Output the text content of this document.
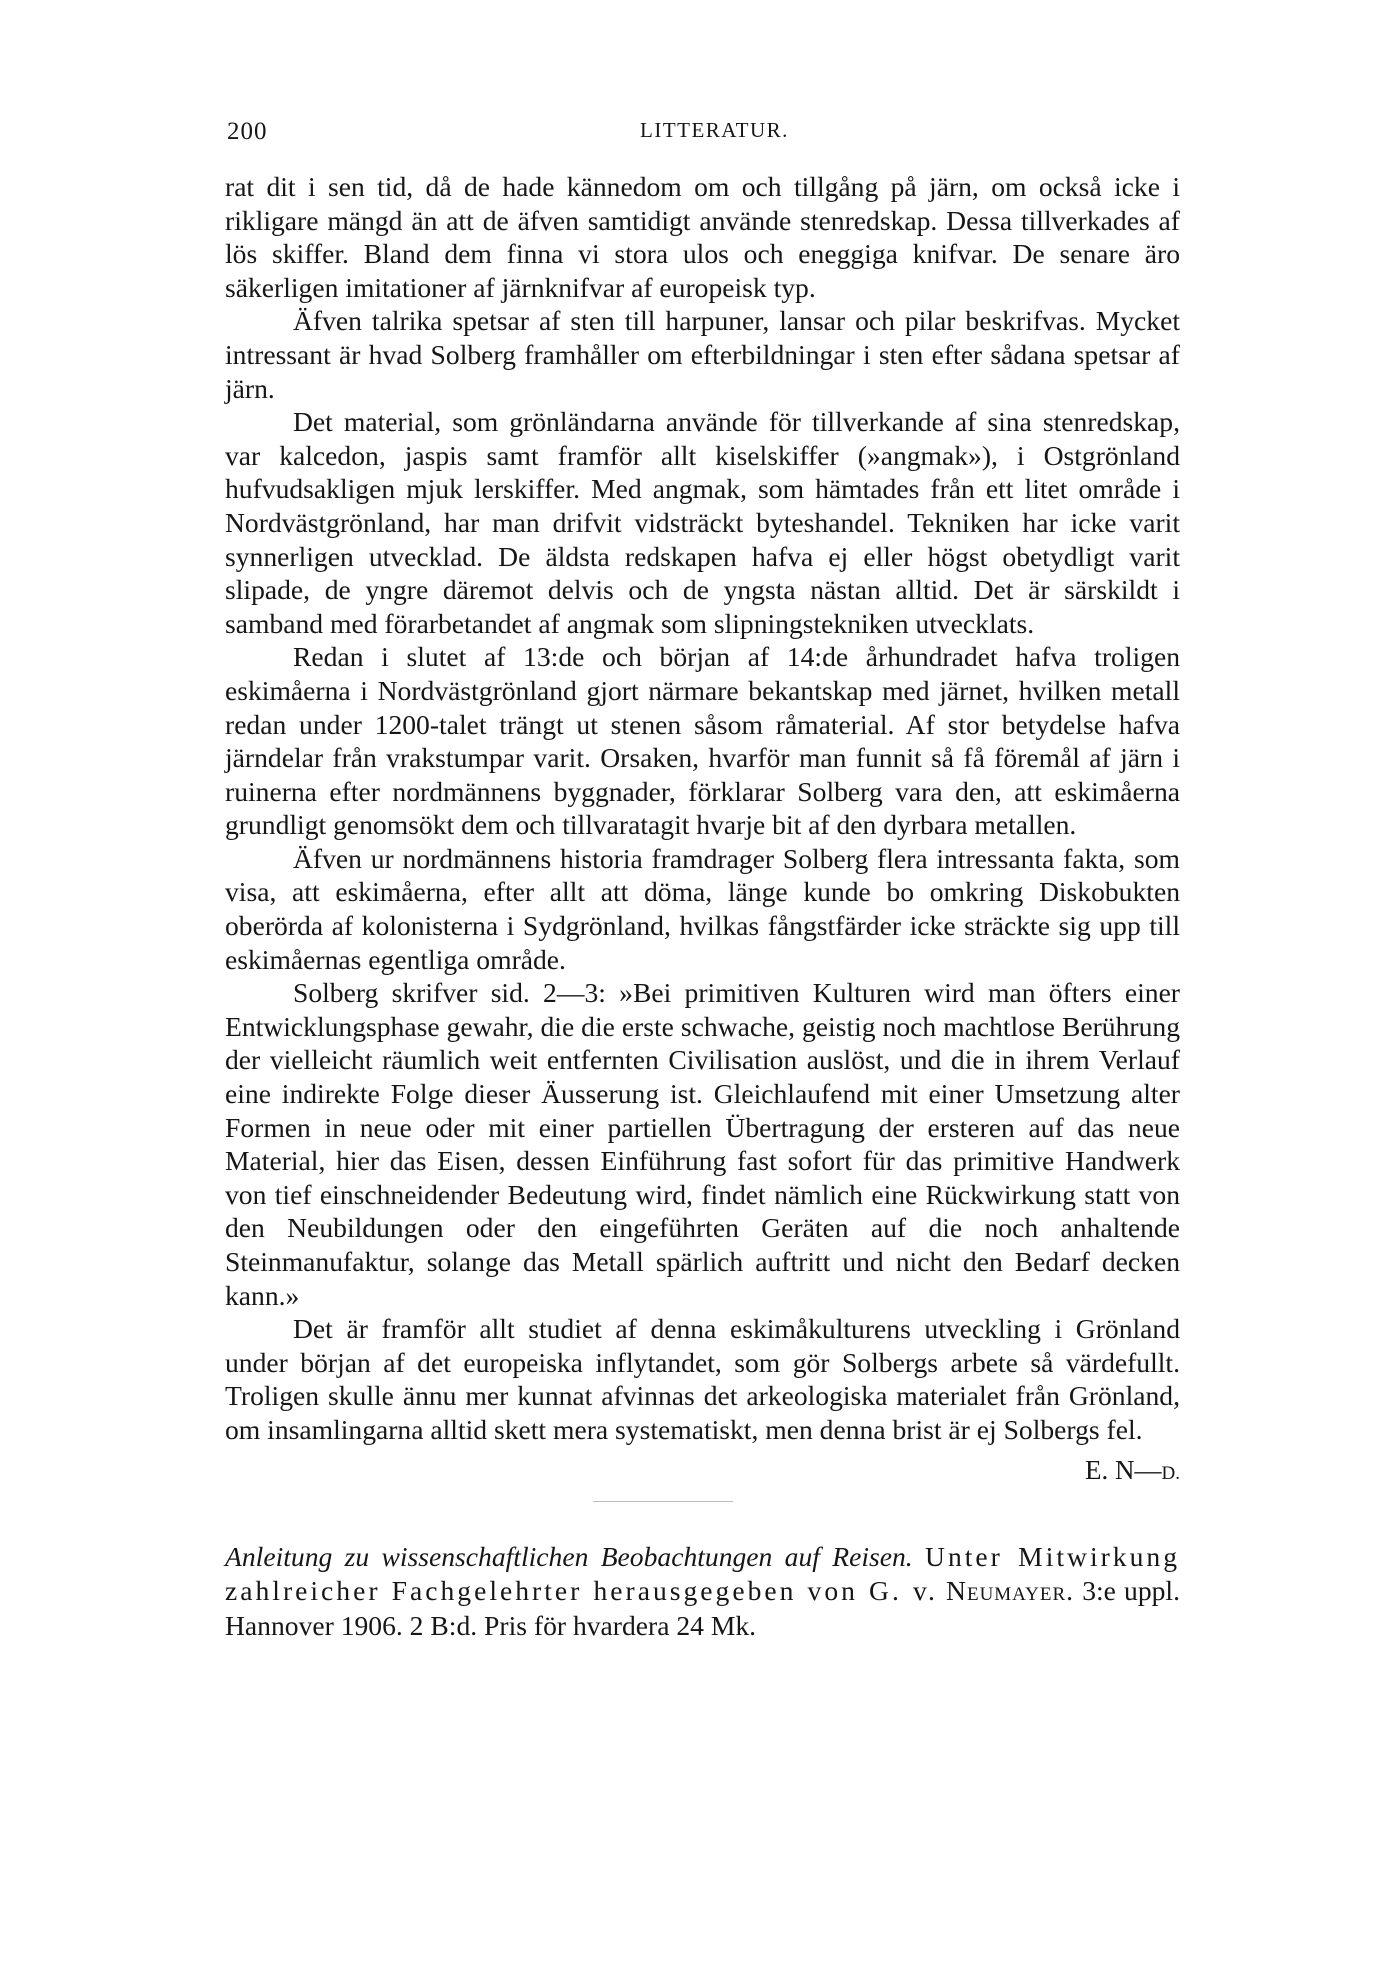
200	LITTERATUR.

rat dit i sen tid, då de hade kännedom om och tillgång på järn, om också icke i rikligare mängd än att de äfven samtidigt använde stenredskap. Dessa tillverkades af lös skiffer. Bland dem finna vi stora ulos och eneggiga knifvar. De senare äro säkerligen imitationer af järnknifvar af europeisk typ.

Äfven talrika spetsar af sten till harpuner, lansar och pilar beskrifvas. Mycket intressant är hvad Solberg framhåller om efterbildningar i sten efter sådana spetsar af järn.

Det material, som grönländarna använde för tillverkande af sina stenredskap, var kalcedon, jaspis samt framför allt kiselskiffer (»angmak»), i Ostgrönland hufvudsakligen mjuk lerskiffer. Med angmak, som hämtades från ett litet område i Nordvästgrönland, har man drifvit vidsträckt byteshandel. Tekniken har icke varit synnerligen utvecklad. De äldsta redskapen hafva ej eller högst obetydligt varit slipade, de yngre däremot delvis och de yngsta nästan alltid. Det är särskildt i samband med förarbetandet af angmak som slipningstekniken utvecklats.

Redan i slutet af 13:de och början af 14:de århundradet hafva troligen eskimåerna i Nordvästgrönland gjort närmare bekantskap med järnet, hvilken metall redan under 1200-talet trängt ut stenen såsom råmaterial. Af stor betydelse hafva järndelar från vrakstumpar varit. Orsaken, hvarför man funnit så få föremål af järn i ruinerna efter nordmännens byggnader, förklarar Solberg vara den, att eskimåerna grundligt genomsökt dem och tillvaratagit hvarje bit af den dyrbara metallen.

Äfven ur nordmännens historia framdrager Solberg flera intressanta fakta, som visa, att eskimåerna, efter allt att döma, länge kunde bo omkring Diskobukten oberörda af kolonisterna i Sydgrönland, hvilkas fångstfärder icke sträckte sig upp till eskimåernas egentliga område.

Solberg skrifver sid. 2—3: »Bei primitiven Kulturen wird man öfters einer Entwicklungsphase gewahr, die die erste schwache, geistig noch machtlose Berührung der vielleicht räumlich weit entfernten Civilisation auslöst, und die in ihrem Verlauf eine indirekte Folge dieser Äusserung ist. Gleichlaufend mit einer Umsetzung alter Formen in neue oder mit einer partiellen Übertragung der ersteren auf das neue Material, hier das Eisen, dessen Einführung fast sofort für das primitive Handwerk von tief einschneidender Bedeutung wird, findet nämlich eine Rückwirkung statt von den Neubildungen oder den eingeführten Geräten auf die noch anhaltende Steinmanufaktur, solange das Metall spärlich auftritt und nicht den Bedarf decken kann.»

Det är framför allt studiet af denna eskimåkulturens utveckling i Grönland under början af det europeiska inflytandet, som gör Solbergs arbete så värdefullt. Troligen skulle ännu mer kunnat afvinnas det arkeologiska materialet från Grönland, om insamlingarna alltid skett mera systematiskt, men denna brist är ej Solbergs fel.

E. N—D.
Anleitung zu wissenschaftlichen Beobachtungen auf Reisen. Unter Mitwirkung zahlreicher Fachgelehrter herausgegeben von G. v. Neumayer. 3:e uppl. Hannover 1906. 2 B:d. Pris för hvardera 24 Mk.
